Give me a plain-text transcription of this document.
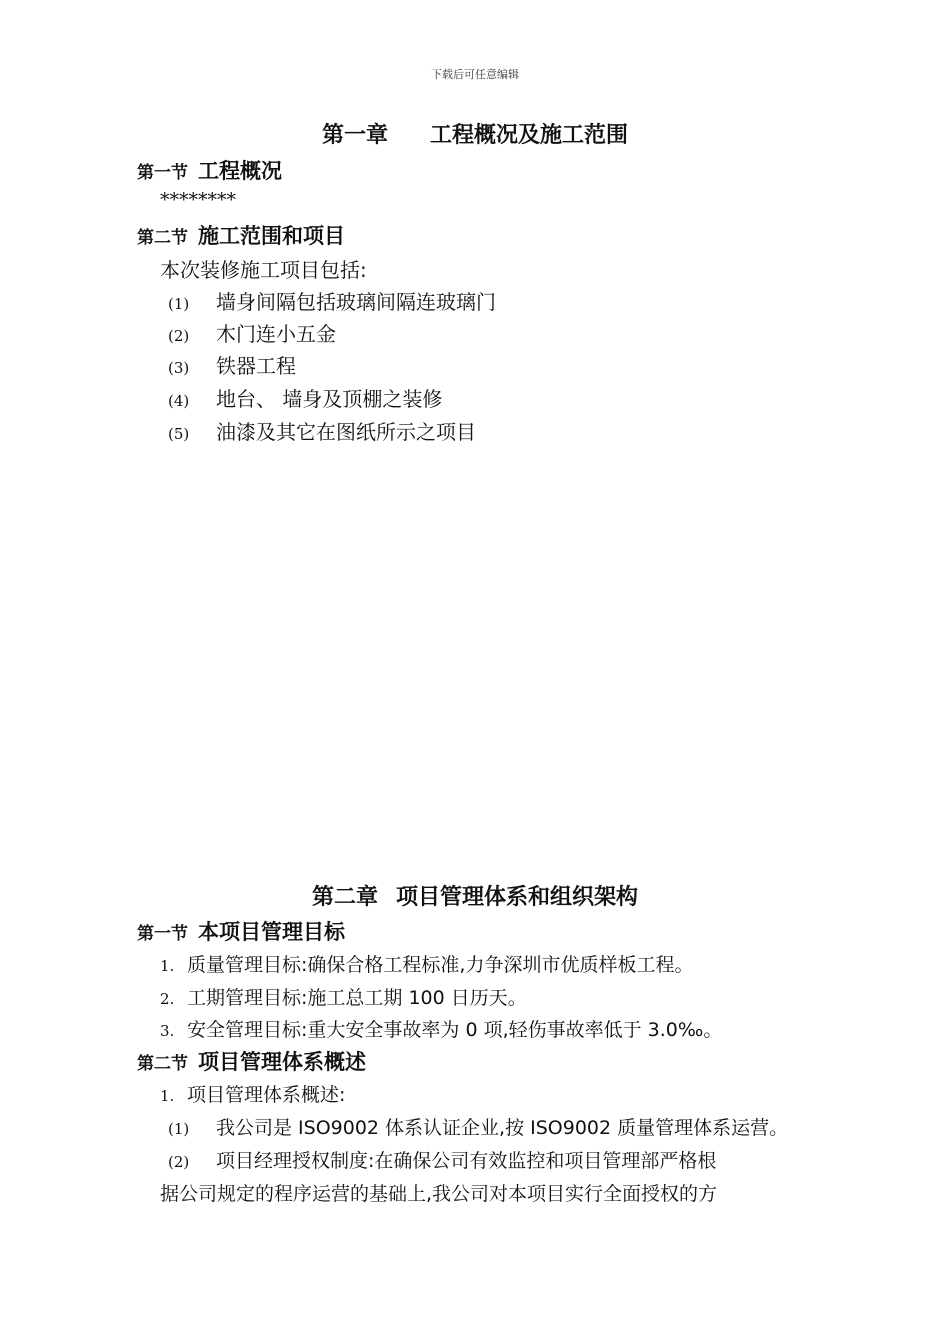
下载后可任意编辑
第一章 工程概况及施工范围
第一节 工程概况
********
第二节 施工范围和项目
本次装修施工项目包括:
(1) 墙身间隔包括玻璃间隔连玻璃门
(2) 木门连小五金
(3) 铁器工程
(4) 地台、 墙身及顶棚之装修
(5) 油漆及其它在图纸所示之项目
第二章 项目管理体系和组织架构
第一节 本项目管理目标
1. 质量管理目标:确保合格工程标准,力争深圳市优质样板工程。
2. 工期管理目标:施工总工期 100 日历天。
3. 安全管理目标:重大安全事故率为 0 项,轻伤事故率低于 3.0‰。
第二节 项目管理体系概述
1. 项目管理体系概述:
(1) 我公司是 ISO9002 体系认证企业,按 ISO9002 质量管理体系运营。
(2) 项目经理授权制度:在确保公司有效监控和项目管理部严格根
据公司规定的程序运营的基础上,我公司对本项目实行全面授权的方
